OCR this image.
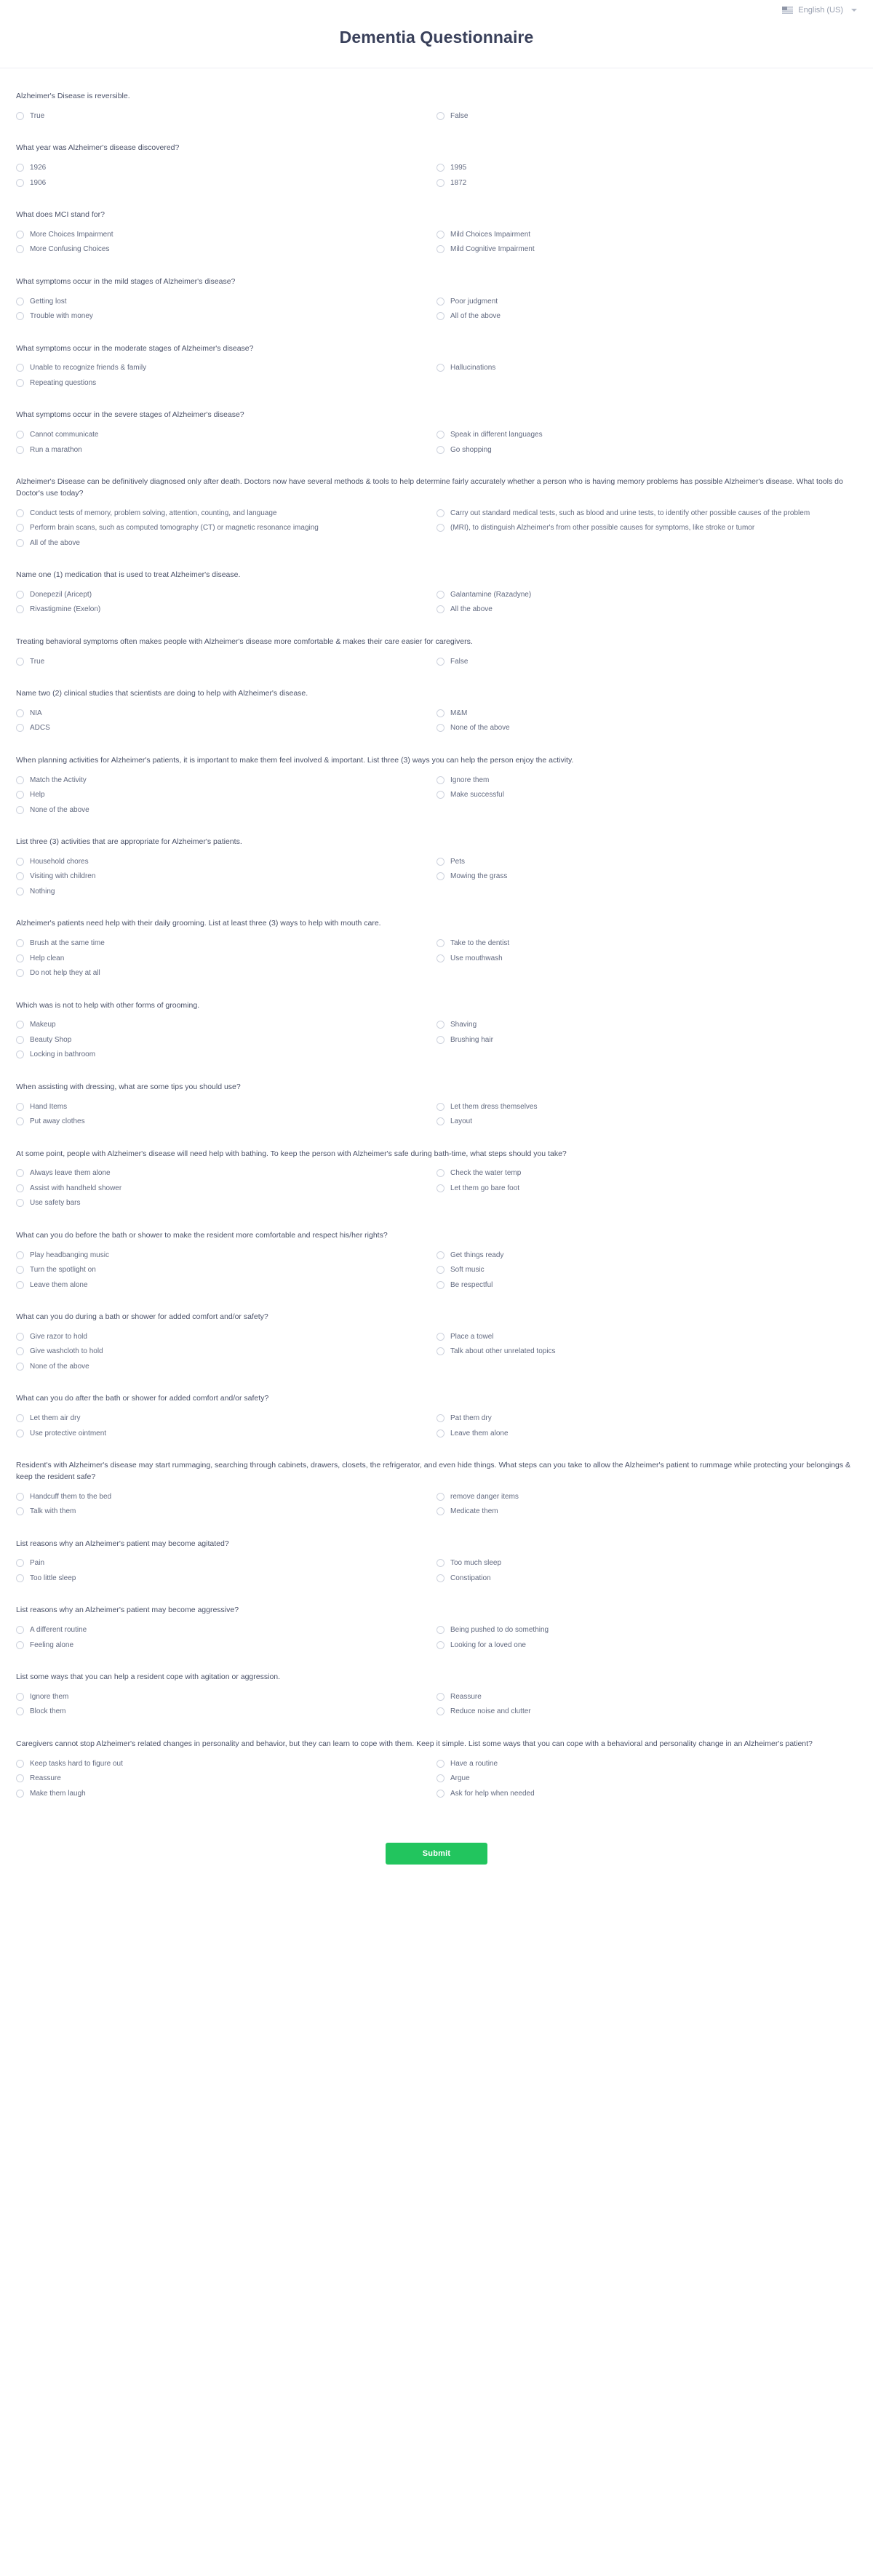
English (US)
Dementia Questionnaire

Alzheimer's Disease is reversible.

True	False

What year was Alzheimer's disease discovered?

1926
1906
1995
1872

What does MCI stand for?

More Choices Impairment
More Confusing Choices
Mild Choices Impairment
Mild Cognitive Impairment

What symptoms occur in the mild stages of Alzheimer's disease?

Getting lost
Trouble with money
Poor judgment
All of the above

What symptoms occur in the moderate stages of Alzheimer's disease?

Unable to recognize friends & family
Repeating questions
Hallucinations

What symptoms occur in the severe stages of Alzheimer's disease?

Cannot communicate
Run a marathon
Speak in different languages
Go shopping

Alzheimer's Disease can be definitively diagnosed only after death. Doctors now have several methods & tools to help determine fairly accurately whether a person who is having memory problems has possible Alzheimer's disease. What tools do Doctor's use today?

Conduct tests of memory, problem solving, attention, counting, and language
Perform brain scans, such as computed tomography (CT) or magnetic resonance imaging
All of the above
Carry out standard medical tests, such as blood and urine tests, to identify other possible causes of the problem
(MRI), to distinguish Alzheimer's from other possible causes for symptoms, like stroke or tumor

Name one (1) medication that is used to treat Alzheimer's disease.

Donepezil (Aricept)
Rivastigmine (Exelon)
Galantamine (Razadyne)
All the above

Treating behavioral symptoms often makes people with Alzheimer's disease more comfortable & makes their care easier for caregivers.

True	False

Name two (2) clinical studies that scientists are doing to help with Alzheimer's disease.

NIA
ADCS
M&M
None of the above

When planning activities for Alzheimer's patients, it is important to make them feel involved & important. List three (3) ways you can help the person enjoy the activity.

Match the Activity
Help
None of the above
Ignore them
Make successful

List three (3) activities that are appropriate for Alzheimer's patients.

Household chores
Visiting with children
Nothing
Pets
Mowing the grass

Alzheimer's patients need help with their daily grooming. List at least three (3) ways to help with mouth care.

Brush at the same time
Help clean
Do not help they at all
Take to the dentist
Use mouthwash

Which was is not to help with other forms of grooming.

Makeup
Beauty Shop
Locking in bathroom
Shaving
Brushing hair

When assisting with dressing, what are some tips you should use?

Hand Items
Put away clothes
Let them dress themselves
Layout

At some point, people with Alzheimer's disease will need help with bathing. To keep the person with Alzheimer's safe during bath-time, what steps should you take?

Always leave them alone
Assist with handheld shower
Use safety bars
Check the water temp
Let them go bare foot

What can you do before the bath or shower to make the resident more comfortable and respect his/her rights?

Play headbanging music
Turn the spotlight on
Leave them alone
Get things ready
Soft music
Be respectful

What can you do during a bath or shower for added comfort and/or safety?

Give razor to hold
Give washcloth to hold
None of the above
Place a towel
Talk about other unrelated topics

What can you do after the bath or shower for added comfort and/or safety?

Let them air dry
Use protective ointment
Pat them dry
Leave them alone

Resident's with Alzheimer's disease may start rummaging, searching through cabinets, drawers, closets, the refrigerator, and even hide things. What steps can you take to allow the Alzheimer's patient to rummage while protecting your belongings & keep the resident safe?

Handcuff them to the bed
Talk with them
remove danger items
Medicate them

List reasons why an Alzheimer's patient may become agitated?

Pain
Too little sleep
Too much sleep
Constipation

List reasons why an Alzheimer's patient may become aggressive?

A different routine
Feeling alone
Being pushed to do something
Looking for a loved one

List some ways that you can help a resident cope with agitation or aggression.

Ignore them
Block them
Reassure
Reduce noise and clutter

Caregivers cannot stop Alzheimer's related changes in personality and behavior, but they can learn to cope with them. Keep it simple. List some ways that you can cope with a behavioral and personality change in an Alzheimer's patient?

Keep tasks hard to figure out
Reassure
Make them laugh
Have a routine
Argue
Ask for help when needed
Submit
